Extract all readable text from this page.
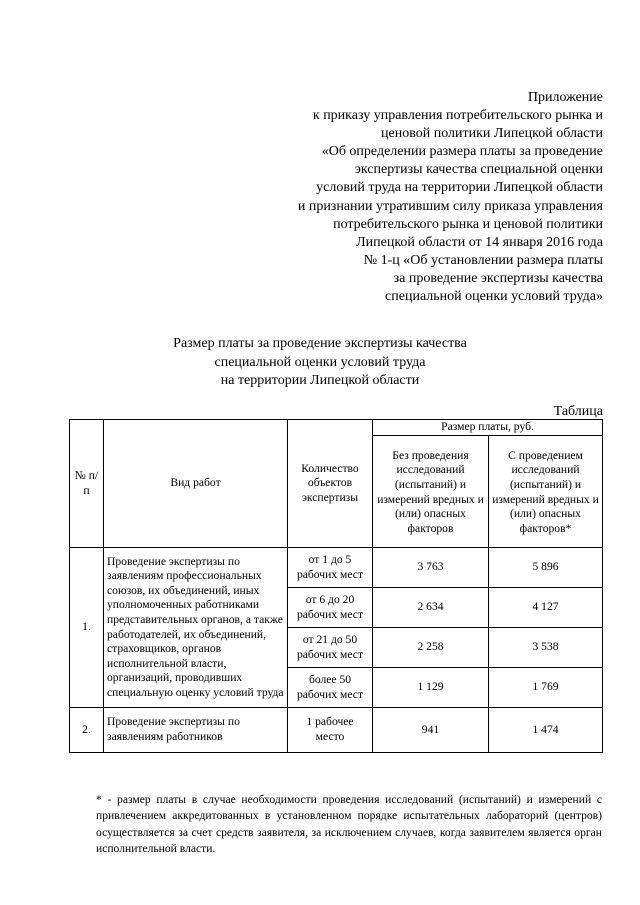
Приложение
к приказу управления потребительского рынка и
ценовой политики Липецкой области
«Об определении размера платы за проведение
экспертизы качества специальной оценки
условий труда на территории Липецкой области
и признании утратившим силу приказа управления
потребительского рынка и ценовой политики
Липецкой области от 14 января 2016 года
№ 1-ц «Об установлении размера платы
за проведение экспертизы качества
специальной оценки условий труда»
Размер платы за проведение экспертизы качества
специальной оценки условий труда
на территории Липецкой области
Таблица
№ п/п	Вид работ	Количество объектов экспертизы	Размер платы, руб.	
			Без проведения исследований (испытаний) и измерений вредных и (или) опасных факторов	С проведением исследований (испытаний) и измерений вредных и (или) опасных факторов*
1.	Проведение экспертизы по заявлениям профессиональных союзов, их объединений, иных уполномоченных работниками представительных органов, а также работодателей, их объединений, страховщиков, органов исполнительной власти, организаций, проводивших специальную оценку условий труда	от 1 до 5 рабочих мест	3 763	5 896
		от 6 до 20 рабочих мест	2 634	4 127
		от 21 до 50 рабочих мест	2 258	3 538
		более 50 рабочих мест	1 129	1 769
2.	Проведение экспертизы по заявлениям работников	1 рабочее место	941	1 474
* - размер платы в случае необходимости проведения исследований (испытаний) и измерений с привлечением аккредитованных в установленном порядке испытательных лабораторий (центров) осуществляется за счет средств заявителя, за исключением случаев, когда заявителем является орган исполнительной власти.
